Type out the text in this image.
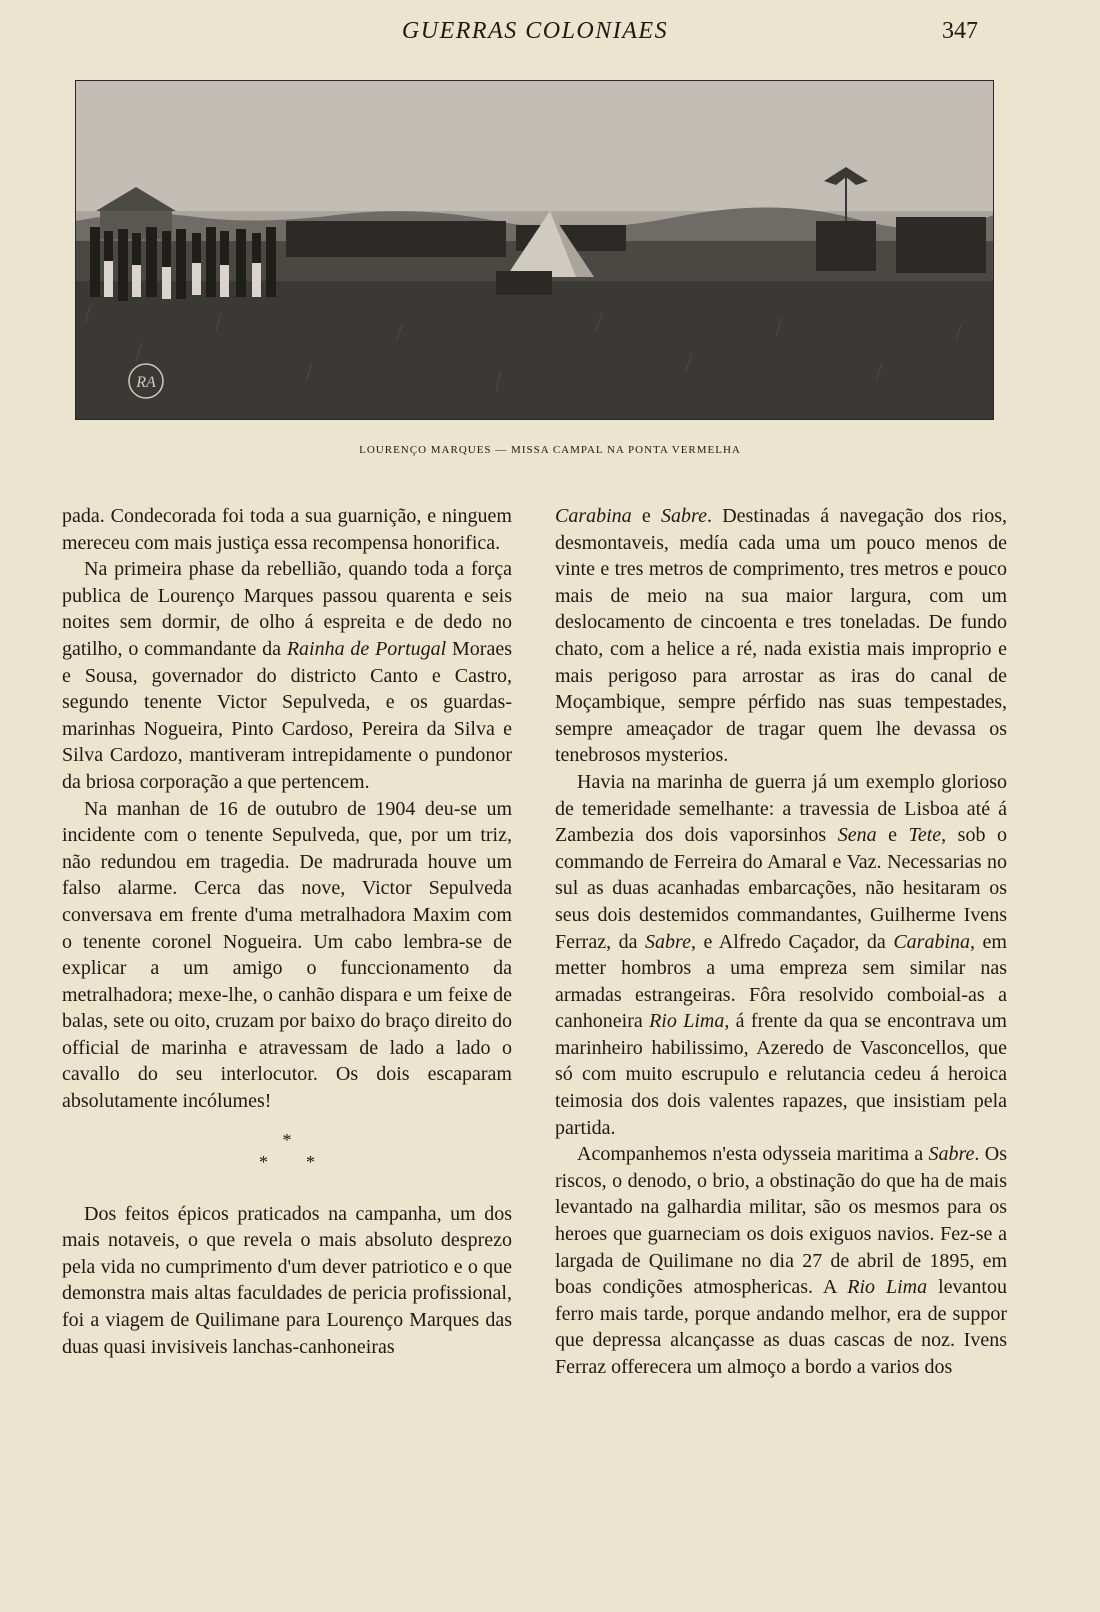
GUERRAS COLONIAES	347
RA
LOURENÇO MARQUES — MISSA CAMPAL NA PONTA VERMELHA

pada. Condecorada foi toda a sua guarnição, e ninguem mereceu com mais justiça essa recompensa honorifica.

Na primeira phase da rebellião, quando toda a força publica de Lourenço Marques passou quarenta e seis noites sem dormir, de olho á espreita e de dedo no gatilho, o commandante da Rainha de Portugal Moraes e Sousa, governador do districto Canto e Castro, segundo tenente Victor Sepulveda, e os guardas-marinhas Nogueira, Pinto Cardoso, Pereira da Silva e Silva Cardozo, mantiveram intrepidamente o pundonor da briosa corporação a que pertencem.

Na manhan de 16 de outubro de 1904 deu-se um incidente com o tenente Sepulveda, que, por um triz, não redundou em tragedia. De madrurada houve um falso alarme. Cerca das nove, Victor Sepulveda conversava em frente d'uma metralhadora Maxim com o tenente coronel Nogueira. Um cabo lembra-se de explicar a um amigo o funccionamento da metralhadora; mexe-lhe, o canhão dispara e um feixe de balas, sete ou oito, cruzam por baixo do braço direito do official de marinha e atravessam de lado a lado o cavallo do seu interlocutor. Os dois escaparam absolutamente incólumes!

*
**

Dos feitos épicos praticados na campanha, um dos mais notaveis, o que revela o mais absoluto desprezo pela vida no cumprimento d'um dever patriotico e o que demonstra mais altas faculdades de pericia profissional, foi a viagem de Quilimane para Lourenço Marques das duas quasi invisiveis lanchas-canhoneiras

Carabina e Sabre. Destinadas á navegação dos rios, desmontaveis, medía cada uma um pouco menos de vinte e tres metros de comprimento, tres metros e pouco mais de meio na sua maior largura, com um deslocamento de cincoenta e tres toneladas. De fundo chato, com a helice a ré, nada existia mais improprio e mais perigoso para arrostar as iras do canal de Moçambique, sempre pérfido nas suas tempestades, sempre ameaçador de tragar quem lhe devassa os tenebrosos mysterios.

Havia na marinha de guerra já um exemplo glorioso de temeridade semelhante: a travessia de Lisboa até á Zambezia dos dois vaporsinhos Sena e Tete, sob o commando de Ferreira do Amaral e Vaz. Necessarias no sul as duas acanhadas embarcações, não hesitaram os seus dois destemidos commandantes, Guilherme Ivens Ferraz, da Sabre, e Alfredo Caçador, da Carabina, em metter hombros a uma empreza sem similar nas armadas estrangeiras. Fôra resolvido comboial-as a canhoneira Rio Lima, á frente da qua se encontrava um marinheiro habilissimo, Azeredo de Vasconcellos, que só com muito escrupulo e relutancia cedeu á heroica teimosia dos dois valentes rapazes, que insistiam pela partida.

Acompanhemos n'esta odysseia maritima a Sabre. Os riscos, o denodo, o brio, a obstinação do que ha de mais levantado na galhardia militar, são os mesmos para os heroes que guarneciam os dois exiguos navios. Fez-se a largada de Quilimane no dia 27 de abril de 1895, em boas condições atmosphericas. A Rio Lima levantou ferro mais tarde, porque andando melhor, era de suppor que depressa alcançasse as duas cascas de noz. Ivens Ferraz offerecera um almoço a bordo a varios dos
